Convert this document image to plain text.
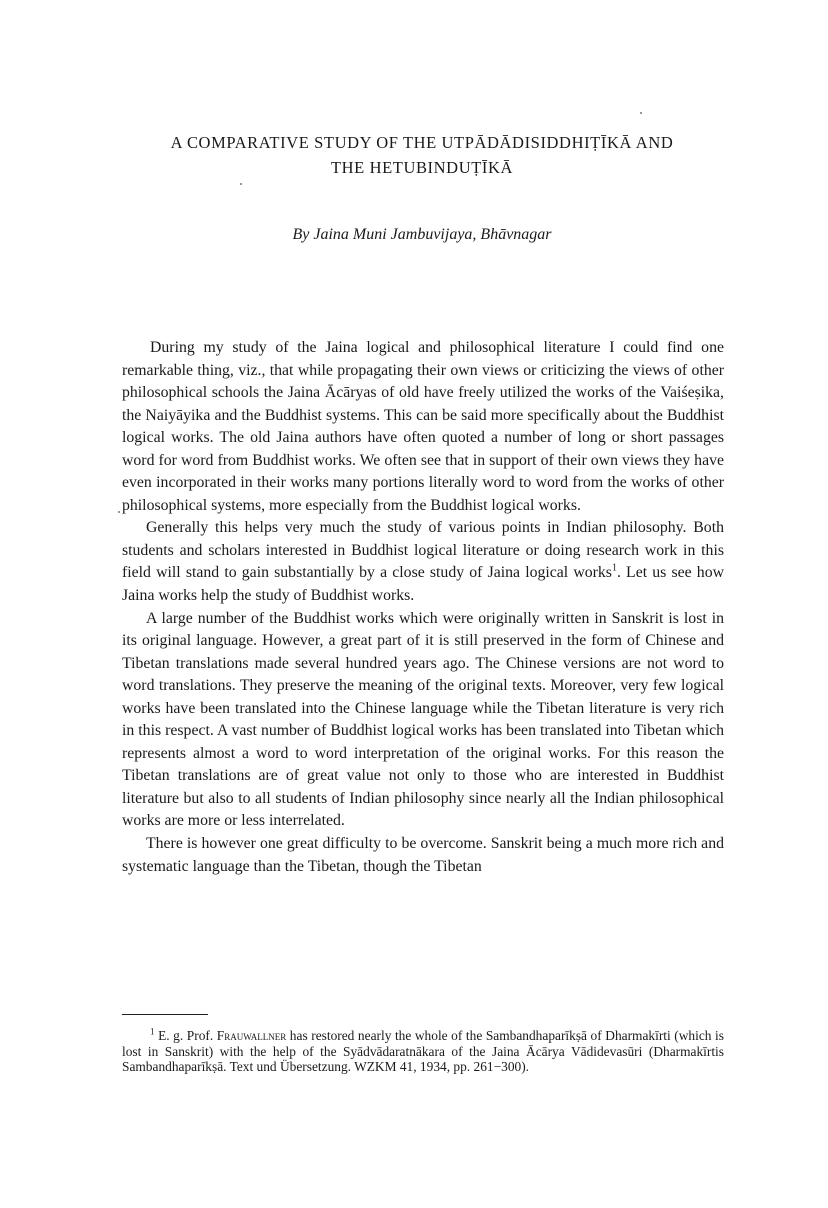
A COMPARATIVE STUDY OF THE UTPĀDĀDISIDDHIṬĪKĀ AND
THE HETUBINDUṬĪKĀ

By Jaina Muni Jambuvijaya, Bhāvnagar

During my study of the Jaina logical and philosophical literature I could find one remarkable thing, viz., that while propagating their own views or criticizing the views of other philosophical schools the Jaina Ācāryas of old have freely utilized the works of the Vaiśeṣika, the Naiyāyika and the Buddhist systems. This can be said more specifically about the Buddhist logical works. The old Jaina authors have often quoted a number of long or short passages word for word from Buddhist works. We often see that in support of their own views they have even incorporated in their works many portions literally word to word from the works of other philosophical systems, more especially from the Buddhist logical works.

Generally this helps very much the study of various points in Indian philosophy. Both students and scholars interested in Buddhist logical literature or doing research work in this field will stand to gain substantially by a close study of Jaina logical works$^1$. Let us see how Jaina works help the study of Buddhist works.

A large number of the Buddhist works which were originally written in Sanskrit is lost in its original language. However, a great part of it is still preserved in the form of Chinese and Tibetan translations made several hundred years ago. The Chinese versions are not word to word translations. They preserve the meaning of the original texts. Moreover, very few logical works have been translated into the Chinese language while the Tibetan literature is very rich in this respect. A vast number of Buddhist logical works has been translated into Tibetan which represents almost a word to word interpretation of the original works. For this reason the Tibetan translations are of great value not only to those who are interested in Buddhist literature but also to all students of Indian philosophy since nearly all the Indian philosophical works are more or less interrelated.

There is however one great difficulty to be overcome. Sanskrit being a much more rich and systematic language than the Tibetan, though the Tibetan

$^1$ E. g. Prof. Frauwallner has restored nearly the whole of the Sambandhaparīkṣā of Dharmakīrti (which is lost in Sanskrit) with the help of the Syādvādaratnākara of the Jaina Ācārya Vādidevasūri (Dharmakīrtis Sambandhaparīkṣā. Text und Übersetzung. WZKM 41, 1934, pp. 261−300).
